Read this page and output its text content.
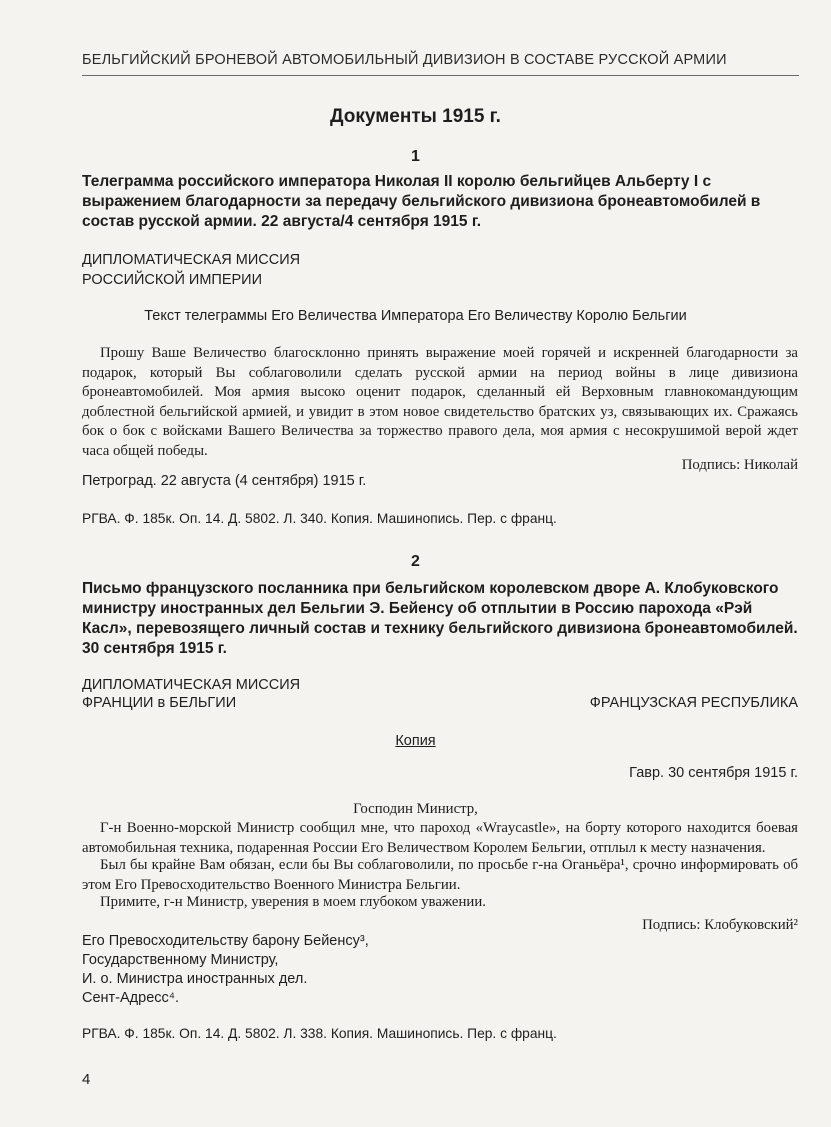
БЕЛЬГИЙСКИЙ БРОНЕВОЙ АВТОМОБИЛЬНЫЙ ДИВИЗИОН В СОСТАВЕ РУССКОЙ АРМИИ
Документы 1915 г.
1
Телеграмма российского императора Николая II королю бельгийцев Альберту I с выражением благодарности за передачу бельгийского дивизиона бронеавтомобилей в состав русской армии. 22 августа/4 сентября 1915 г.
ДИПЛОМАТИЧЕСКАЯ МИССИЯ
РОССИЙСКОЙ ИМПЕРИИ
Текст телеграммы Его Величества Императора Его Величеству Королю Бельгии
Прошу Ваше Величество благосклонно принять выражение моей горячей и искренней благодарности за подарок, который Вы соблаговолили сделать русской армии на период войны в лице дивизиона бронеавтомобилей. Моя армия высоко оценит подарок, сделанный ей Верховным главнокомандующим доблестной бельгийской армией, и увидит в этом новое свидетельство братских уз, связывающих их. Сражаясь бок о бок с войсками Вашего Величества за торжество правого дела, моя армия с несокрушимой верой ждет часа общей победы.
Подпись: Николай
Петроград. 22 августа (4 сентября) 1915 г.
РГВА. Ф. 185к. Оп. 14. Д. 5802. Л. 340. Копия. Машинопись. Пер. с франц.
2
Письмо французского посланника при бельгийском королевском дворе А. Клобуковского министру иностранных дел Бельгии Э. Бейенсу об отплытии в Россию парохода «Рэй Касл», перевозящего личный состав и технику бельгийского дивизиона бронеавтомобилей. 30 сентября 1915 г.
ДИПЛОМАТИЧЕСКАЯ МИССИЯ
ФРАНЦИИ в БЕЛЬГИИ	ФРАНЦУЗСКАЯ РЕСПУБЛИКА
Копия
Гавр. 30 сентября 1915 г.
Господин Министр,
Г-н Военно-морской Министр сообщил мне, что пароход «Wraycastle», на борту которого находится боевая автомобильная техника, подаренная России Его Величеством Королем Бельгии, отплыл к месту назначения.
Был бы крайне Вам обязан, если бы Вы соблаговолили, по просьбе г-на Оганьёра¹, срочно информировать об этом Его Превосходительство Военного Министра Бельгии.
Примите, г-н Министр, уверения в моем глубоком уважении.
Подпись: Клобуковский²
Его Превосходительству барону Бейенсу³,
Государственному Министру,
И. о. Министра иностранных дел.
Сент-Адресс⁴.
РГВА. Ф. 185к. Оп. 14. Д. 5802. Л. 338. Копия. Машинопись. Пер. с франц.
4
